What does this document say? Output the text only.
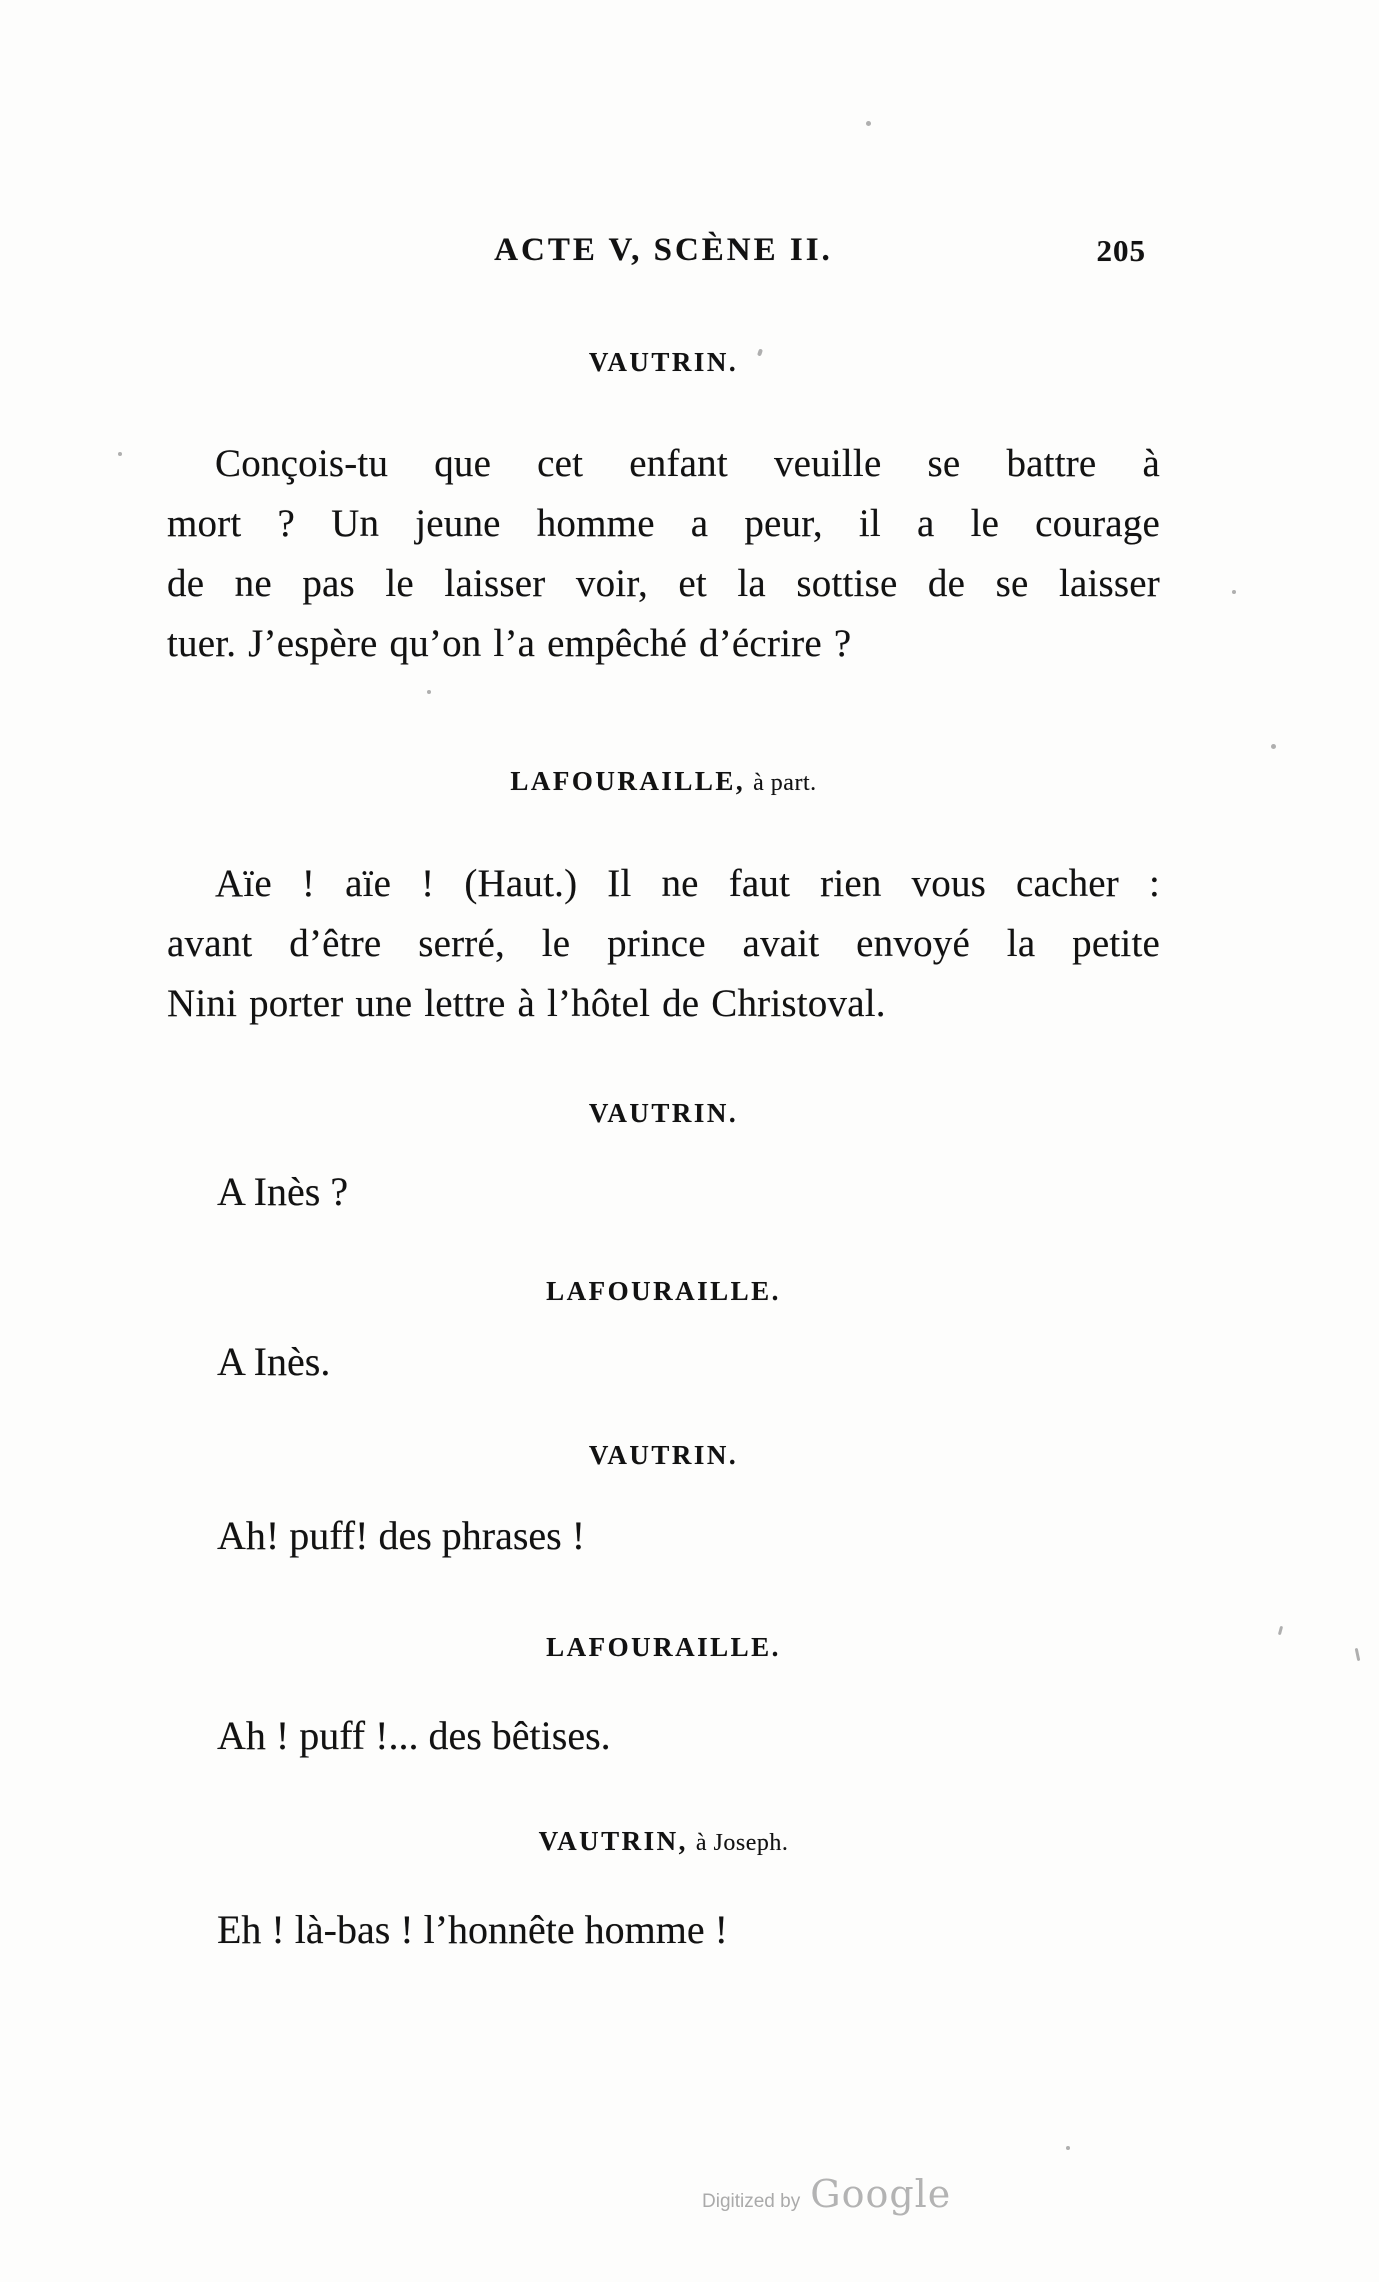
ACTE V, SCÈNE II.	205
VAUTRIN.
Conçois-tu que cet enfant veuille se battre à
mort ? Un jeune homme a peur, il a le courage
de ne pas le laisser voir, et la sottise de se laisser
tuer. J’espère qu’on l’a empêché d’écrire ?
LAFOURAILLE, à part.
Aïe ! aïe ! (Haut.) Il ne faut rien vous cacher :
avant d’être serré, le prince avait envoyé la petite
Nini porter une lettre à l’hôtel de Christoval.
VAUTRIN.
A Inès ?
LAFOURAILLE.
A Inès.
VAUTRIN.
Ah! puff! des phrases !
LAFOURAILLE.
Ah ! puff !... des bêtises.
VAUTRIN, à Joseph.
Eh ! là-bas ! l’honnête homme !
Digitized by Google
